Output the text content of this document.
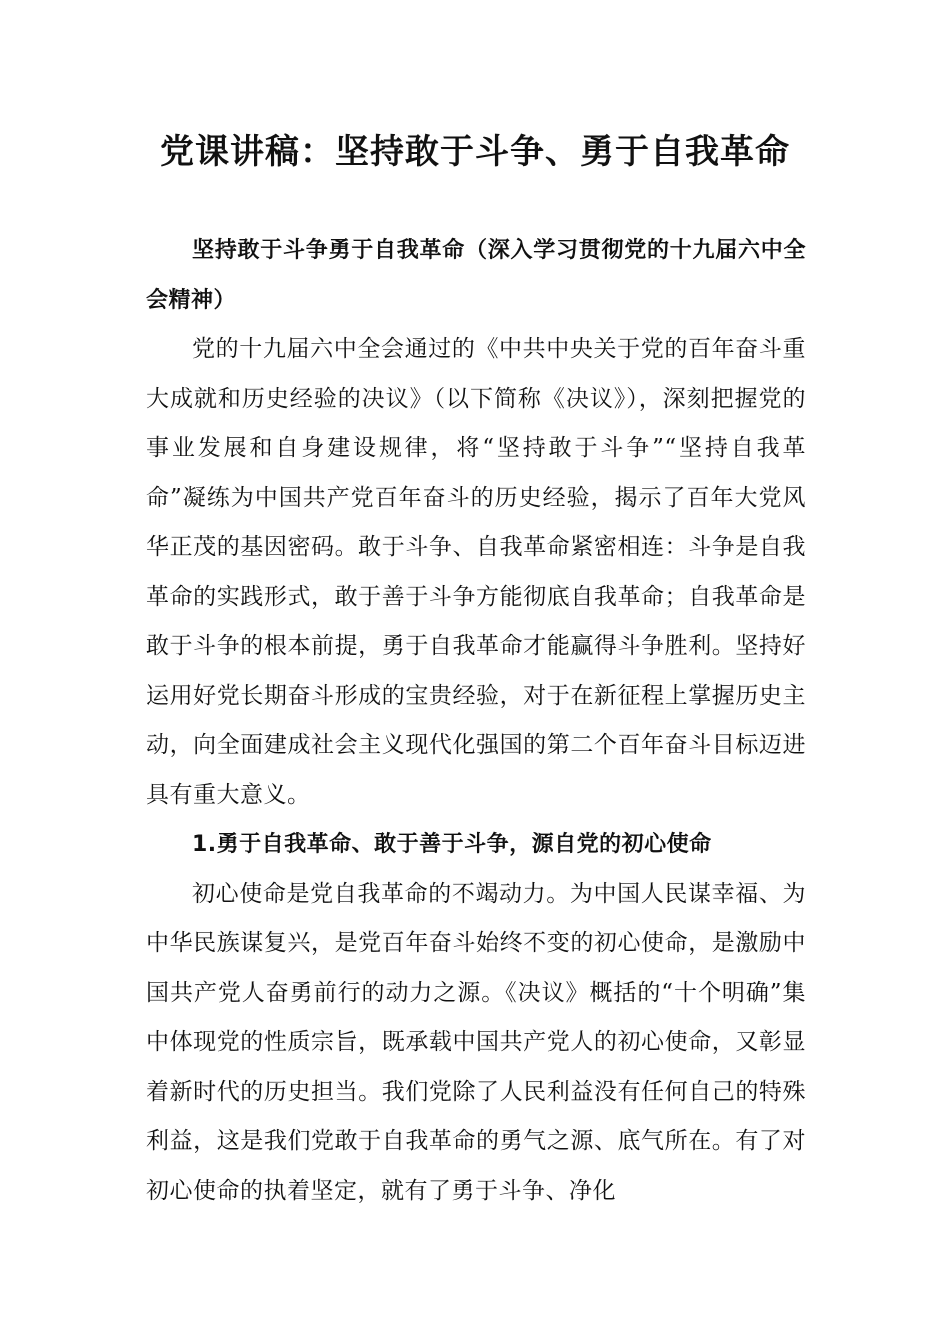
党课讲稿：坚持敢于斗争、勇于自我革命

坚持敢于斗争勇于自我革命（深入学习贯彻党的十九届六中全会精神）

党的十九届六中全会通过的《中共中央关于党的百年奋斗重大成就和历史经验的决议》（以下简称《决议》），深刻把握党的事业发展和自身建设规律，将“坚持敢于斗争”“坚持自我革命”凝练为中国共产党百年奋斗的历史经验，揭示了百年大党风华正茂的基因密码。敢于斗争、自我革命紧密相连：斗争是自我革命的实践形式，敢于善于斗争方能彻底自我革命；自我革命是敢于斗争的根本前提，勇于自我革命才能赢得斗争胜利。坚持好运用好党长期奋斗形成的宝贵经验，对于在新征程上掌握历史主动，向全面建成社会主义现代化强国的第二个百年奋斗目标迈进具有重大意义。

1.勇于自我革命、敢于善于斗争，源自党的初心使命

初心使命是党自我革命的不竭动力。为中国人民谋幸福、为中华民族谋复兴，是党百年奋斗始终不变的初心使命，是激励中国共产党人奋勇前行的动力之源。《决议》概括的“十个明确”集中体现党的性质宗旨，既承载中国共产党人的初心使命，又彰显着新时代的历史担当。我们党除了人民利益没有任何自己的特殊利益，这是我们党敢于自我革命的勇气之源、底气所在。有了对初心使命的执着坚定，就有了勇于斗争、净化
